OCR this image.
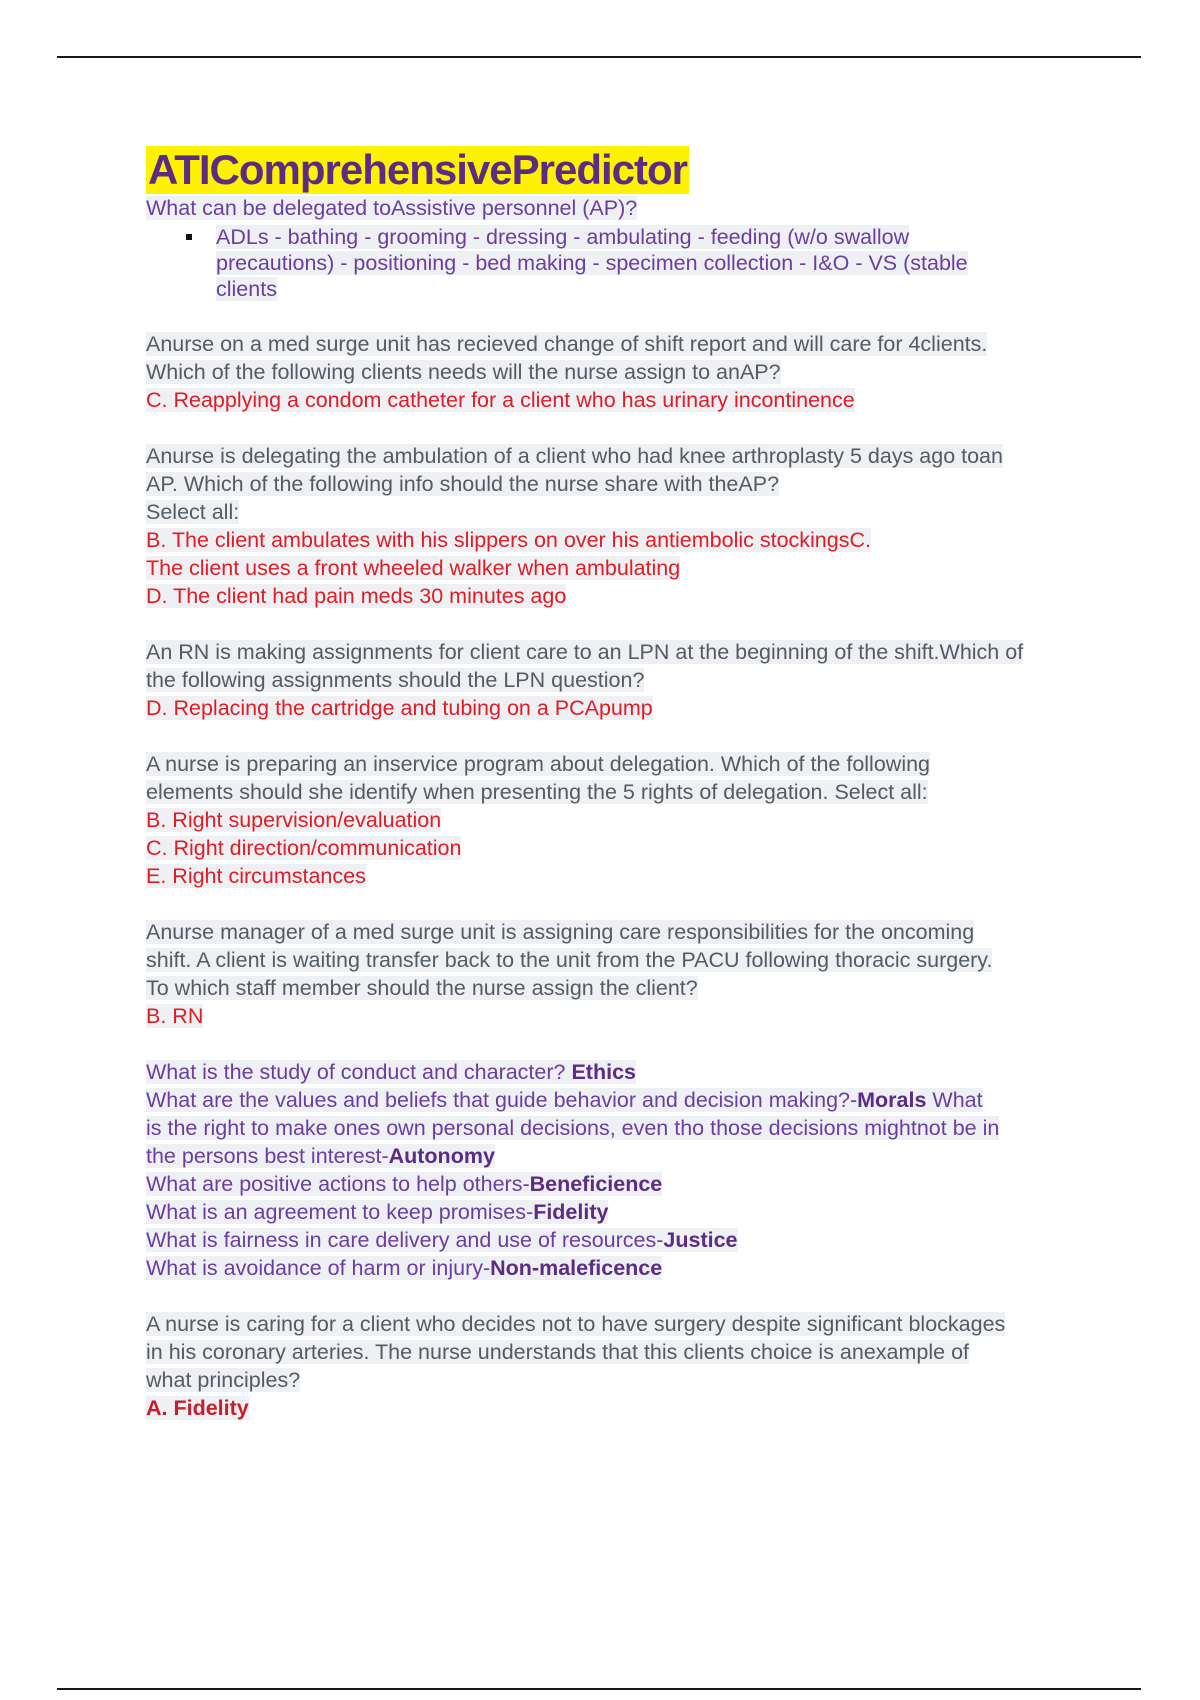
ATIComprehensivePredictor
What can be delegated toAssistive personnel (AP)?
ADLs - bathing - grooming - dressing - ambulating - feeding (w/o swallow
precautions) - positioning - bed making - specimen collection - I&O - VS (stable
clients
Anurse on a med surge unit has recieved change of shift report and will care for 4clients.
Which of the following clients needs will the nurse assign to anAP?
C. Reapplying a condom catheter for a client who has urinary incontinence
Anurse is delegating the ambulation of a client who had knee arthroplasty 5 days ago toan
AP. Which of the following info should the nurse share with theAP?
Select all:
B. The client ambulates with his slippers on over his antiembolic stockingsC.
The client uses a front wheeled walker when ambulating
D. The client had pain meds 30 minutes ago
An RN is making assignments for client care to an LPN at the beginning of the shift.Which of
the following assignments should the LPN question?
D. Replacing the cartridge and tubing on a PCApump
A nurse is preparing an inservice program about delegation. Which of the following
elements should she identify when presenting the 5 rights of delegation. Select all:
B. Right supervision/evaluation
C. Right direction/communication
E. Right circumstances
Anurse manager of a med surge unit is assigning care responsibilities for the oncoming
shift. A client is waiting transfer back to the unit from the PACU following thoracic surgery.
To which staff member should the nurse assign the client?
B. RN
What is the study of conduct and character? Ethics
What are the values and beliefs that guide behavior and decision making?-Morals What
is the right to make ones own personal decisions, even tho those decisions mightnot be in
the persons best interest-Autonomy
What are positive actions to help others-Beneficience
What is an agreement to keep promises-Fidelity
What is fairness in care delivery and use of resources-Justice
What is avoidance of harm or injury-Non-maleficence
A nurse is caring for a client who decides not to have surgery despite significant blockages
in his coronary arteries. The nurse understands that this clients choice is anexample of
what principles?
A. Fidelity
